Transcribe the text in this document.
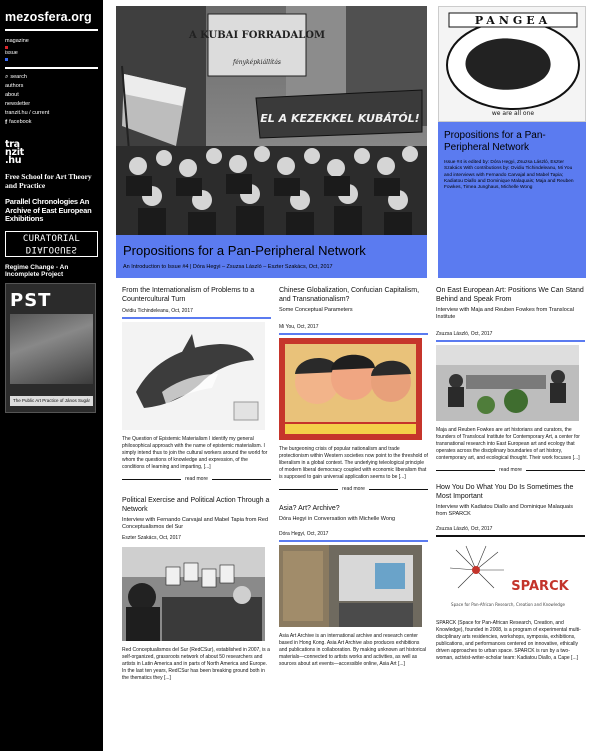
mezosfera.org
magazine
issue
⌕ search
authors
about
newsletter
tranzit.hu / current
f facebook
tra
nzit
.hu
Free School for Art Theory and Practice
Parallel Chronologies An Archive of East European Exhibitions
CURATORIAL
DIALOGUES
Regime Change - An Incomplete Project
PST
The Public Art Practice of János Sugár
A KUBAI FORRADALOM
fényképkiállítás
EL A KEZEKKEL KUBÁTÓL!
Propositions for a Pan-Peripheral Network
An Introduction to Issue #4 | Dóra Hegyi – Zsuzsa László – Eszter Szakács, Oct, 2017
PANGEA
we are all one
Propositions for a Pan-Peripheral Network
Issue #4 is edited by: Dóra Hegyi, Zsuzsa László, Eszter Szakács With contributions by: Ovidiu Tichindeleanu, Mi You and interviews with Fernando Carvajal and Mabel Tapia; Kadiatou Diallo and Dominique Malaquais; Maja and Reuben Fowkes, Timea Junghaus, Michelle Wong
From the Internationalism of Problems to a Countercultural Turn
Ovidiu Tichindeleanu, Oct, 2017
The Question of Epistemic Materialism I identify my general philosophical approach with the name of epistemic materialism. I simply intend thus to join the cultural workers around the world for whom the questions of knowledge and expression, of the conditions of learning and imparting, [...]
read more
Political Exercise and Political Action Through a Network
Interview with Fernando Carvajal and Mabel Tapia from Red Conceptualismos del Sur
Eszter Szakács, Oct, 2017
Red Conceptualismos del Sur (RedCSur), established in 2007, is a self-organized, grassroots network of about 50 researchers and artists in Latin America and in parts of North America and Europe. In the last ten years, RedCSur has been breaking ground both in the thematics they [...]
Chinese Globalization, Confucian Capitalism, and Transnationalism?
Some Conceptual Parameters
Mi You, Oct, 2017
The burgeoning crisis of popular nationalism and trade protectionism within Western societies now point to the threshold of liberalism in a global context. The underlying teleological principle of modern liberal democracy coupled with economic liberalism that is supposed to gain universal application seems to be [...]
read more
Asia? Art? Archive?
Dóra Hegyi in Conversation with Michelle Wong
Dóra Hegyi, Oct, 2017
Asia Art Archive is an international archive and research center based in Hong Kong. Asia Art Archive also produces exhibitions and publications in collaboration. By making unknown art historical materials—connected to artists works and activities, as well as sources about art events—accessible online, Asia Art [...]
On East European Art: Positions We Can Stand Behind and Speak From
Interview with Maja and Reuben Fowkes from Translocal Institute
Zsuzsa László, Oct, 2017
Maja and Reuben Fowkes are art historians and curators, the founders of Translocal Institute for Contemporary Art, a center for transnational research into East European art and ecology that operates across the disciplinary boundaries of art history, contemporary art, and ecological thought. Their work focuses [...]
read more
How You Do What You Do Is Sometimes the Most Important
Interview with Kadiatou Diallo and Dominique Malaquais from SPARCK
Zsuzsa László, Oct, 2017
SPARCK
Space for Pan-African Research, Creation and Knowledge
SPARCK (Space for Pan-African Research, Creation, and Knowledge), founded in 2008, is a program of experimental multi-disciplinary arts residencies, workshops, symposia, exhibitions, publications, and performances centered on innovative, ethically driven approaches to urban space. SPARCK is run by a two-woman, activist-writer-scholar team: Kadiatou Diallo, a Cape [...]
